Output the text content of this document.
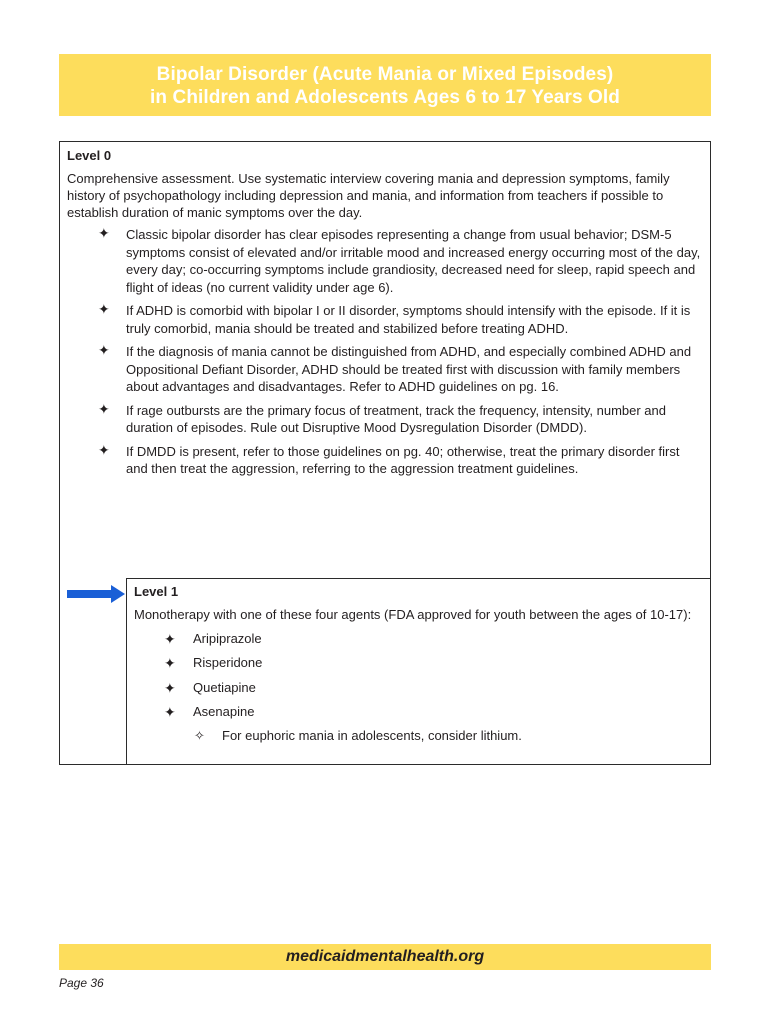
Bipolar Disorder (Acute Mania or Mixed Episodes)
in Children and Adolescents Ages 6 to 17 Years Old
Level 0
Comprehensive assessment. Use systematic interview covering mania and depression symptoms, family history of psychopathology including depression and mania, and information from teachers if possible to establish duration of manic symptoms over the day.
✦ Classic bipolar disorder has clear episodes representing a change from usual behavior; DSM-5 symptoms consist of elevated and/or irritable mood and increased energy occurring most of the day, every day; co-occurring symptoms include grandiosity, decreased need for sleep, rapid speech and flight of ideas (no current validity under age 6).
✦ If ADHD is comorbid with bipolar I or II disorder, symptoms should intensify with the episode. If it is truly comorbid, mania should be treated and stabilized before treating ADHD.
✦ If the diagnosis of mania cannot be distinguished from ADHD, and especially combined ADHD and Oppositional Defiant Disorder, ADHD should be treated first with discussion with family members about advantages and disadvantages. Refer to ADHD guidelines on pg. 16.
✦ If rage outbursts are the primary focus of treatment, track the frequency, intensity, number and duration of episodes. Rule out Disruptive Mood Dysregulation Disorder (DMDD).
✦ If DMDD is present, refer to those guidelines on pg. 40; otherwise, treat the primary disorder first and then treat the aggression, referring to the aggression treatment guidelines.
Level 1
Monotherapy with one of these four agents (FDA approved for youth between the ages of 10-17):
✦ Aripiprazole
✦ Risperidone
✦ Quetiapine
✦ Asenapine
✧ For euphoric mania in adolescents, consider lithium.
medicaidmentalhealth.org
Page 36
